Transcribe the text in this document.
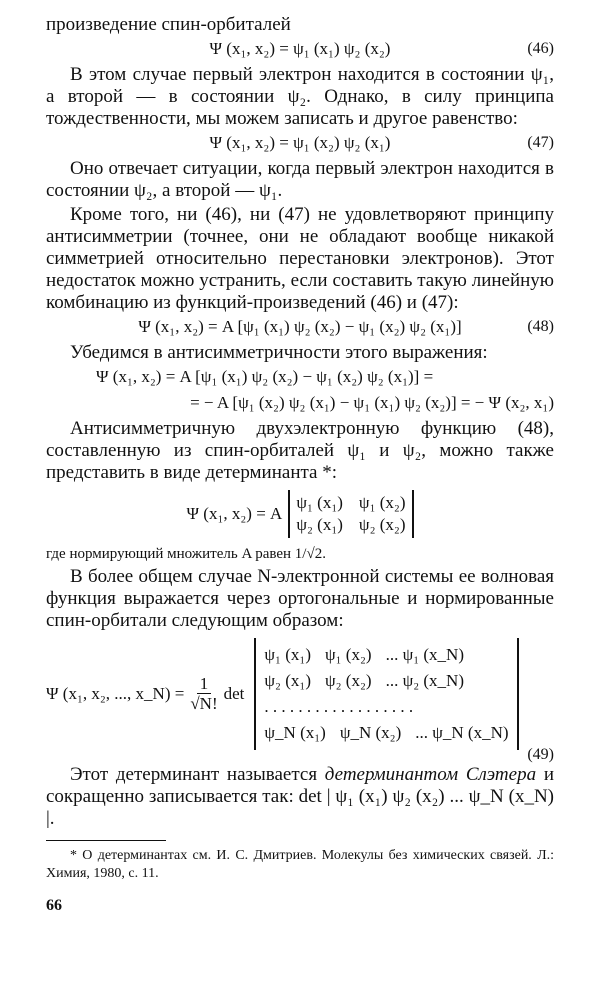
произведение спин-орбиталей

Ψ (x₁, x₂) = ψ₁ (x₁) ψ₂ (x₂)	(46)

В этом случае первый электрон находится в состоянии ψ₁, а второй — в состоянии ψ₂. Однако, в силу принципа тождественности, мы можем записать и другое равенство:

Ψ (x₁, x₂) = ψ₁ (x₂) ψ₂ (x₁)	(47)

Оно отвечает ситуации, когда первый электрон находится в состоянии ψ₂, а второй — ψ₁.

Кроме того, ни (46), ни (47) не удовлетворяют принципу антисимметрии (точнее, они не обладают вообще никакой симметрией относительно перестановки электронов). Этот недостаток можно устранить, если составить такую линейную комбинацию из функций-произведений (46) и (47):

Ψ (x₁, x₂) = A [ψ₁ (x₁) ψ₂ (x₂) − ψ₁ (x₂) ψ₂ (x₁)]	(48)

Убедимся в антисимметричности этого выражения:

Ψ (x₁, x₂) = A [ψ₁ (x₁) ψ₂ (x₂) − ψ₁ (x₂) ψ₂ (x₁)] =
= − A [ψ₁ (x₂) ψ₂ (x₁) − ψ₁ (x₁) ψ₂ (x₂)] = − Ψ (x₂, x₁)

Антисимметричную двухэлектронную функцию (48), составленную из спин-орбиталей ψ₁ и ψ₂, можно также представить в виде детерминанта *:

Ψ (x₁, x₂) = A
ψ₁ (x₁) ψ₁ (x₂)
ψ₂ (x₁) ψ₂ (x₂)

где нормирующий множитель A равен 1/√2.

В более общем случае N-электронной системы ее волновая функция выражается через ортогональные и нормированные спин-орбитали следующим образом:

Ψ (x₁, x₂, ..., x_N) = $\frac{1}{√N!}$ det
ψ₁ (x₁) ψ₁ (x₂) ... ψ₁ (x_N)
ψ₂ (x₁) ψ₂ (x₂) ... ψ₂ (x_N)
. . . . . . . . . . . . . . . . . .
ψ_N (x₁) ψ_N (x₂) ... ψ_N (x_N)
(49)

Этот детерминант называется детерминантом Слэтера и сокращенно записывается так: det | ψ₁ (x₁) ψ₂ (x₂) ... ψ_N (x_N) |.

* О детерминантах см. И. С. Дмитриев. Молекулы без химических связей. Л.: Химия, 1980, с. 11.

66
